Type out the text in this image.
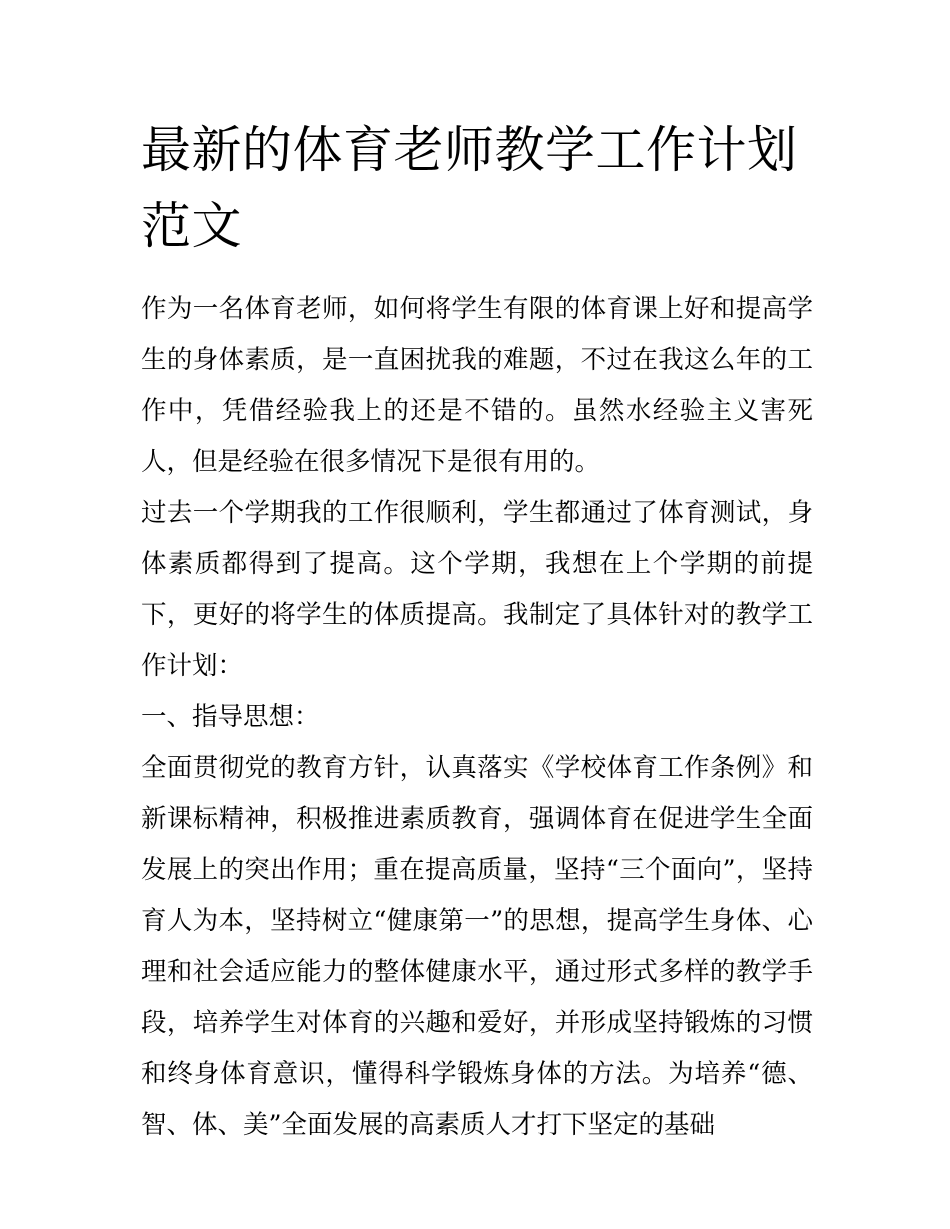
最新的体育老师教学工作计划范文

作为一名体育老师，如何将学生有限的体育课上好和提高学生的身体素质，是一直困扰我的难题，不过在我这么年的工作中，凭借经验我上的还是不错的。虽然水经验主义害死人，但是经验在很多情况下是很有用的。

过去一个学期我的工作很顺利，学生都通过了体育测试，身体素质都得到了提高。这个学期，我想在上个学期的前提下，更好的将学生的体质提高。我制定了具体针对的教学工作计划：

一、指导思想：

全面贯彻党的教育方针，认真落实《学校体育工作条例》和新课标精神，积极推进素质教育，强调体育在促进学生全面发展上的突出作用；重在提高质量，坚持“三个面向”，坚持育人为本，坚持树立“健康第一”的思想，提高学生身体、心理和社会适应能力的整体健康水平，通过形式多样的教学手段，培养学生对体育的兴趣和爱好，并形成坚持锻炼的习惯和终身体育意识，懂得科学锻炼身体的方法。为培养“德、智、体、美”全面发展的高素质人才打下坚定的基础
